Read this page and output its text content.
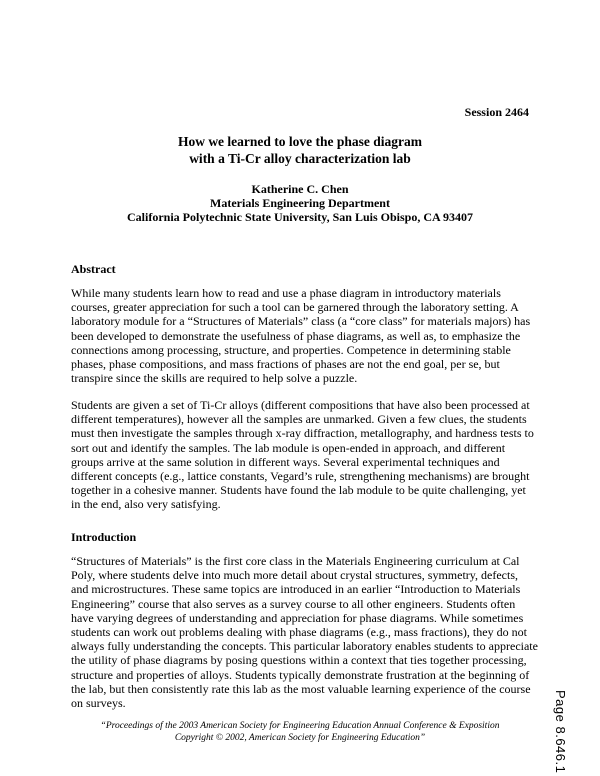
Session 2464
How we learned to love the phase diagram
with a Ti-Cr alloy characterization lab
Katherine C. Chen
Materials Engineering Department
California Polytechnic State University, San Luis Obispo, CA 93407
Abstract
While many students learn how to read and use a phase diagram in introductory materials
courses, greater appreciation for such a tool can be garnered through the laboratory setting. A
laboratory module for a “Structures of Materials” class (a “core class” for materials majors) has
been developed to demonstrate the usefulness of phase diagrams, as well as, to emphasize the
connections among processing, structure, and properties. Competence in determining stable
phases, phase compositions, and mass fractions of phases are not the end goal, per se, but
transpire since the skills are required to help solve a puzzle.
Students are given a set of Ti-Cr alloys (different compositions that have also been processed at
different temperatures), however all the samples are unmarked. Given a few clues, the students
must then investigate the samples through x-ray diffraction, metallography, and hardness tests to
sort out and identify the samples. The lab module is open-ended in approach, and different
groups arrive at the same solution in different ways. Several experimental techniques and
different concepts (e.g., lattice constants, Vegard’s rule, strengthening mechanisms) are brought
together in a cohesive manner. Students have found the lab module to be quite challenging, yet
in the end, also very satisfying.
Introduction
“Structures of Materials” is the first core class in the Materials Engineering curriculum at Cal
Poly, where students delve into much more detail about crystal structures, symmetry, defects,
and microstructures. These same topics are introduced in an earlier “Introduction to Materials
Engineering” course that also serves as a survey course to all other engineers. Students often
have varying degrees of understanding and appreciation for phase diagrams. While sometimes
students can work out problems dealing with phase diagrams (e.g., mass fractions), they do not
always fully understanding the concepts. This particular laboratory enables students to appreciate
the utility of phase diagrams by posing questions within a context that ties together processing,
structure and properties of alloys. Students typically demonstrate frustration at the beginning of
the lab, but then consistently rate this lab as the most valuable learning experience of the course
on surveys.	Page 8.646.1
“Proceedings of the 2003 American Society for Engineering Education Annual Conference & Exposition
Copyright © 2002, American Society for Engineering Education”
